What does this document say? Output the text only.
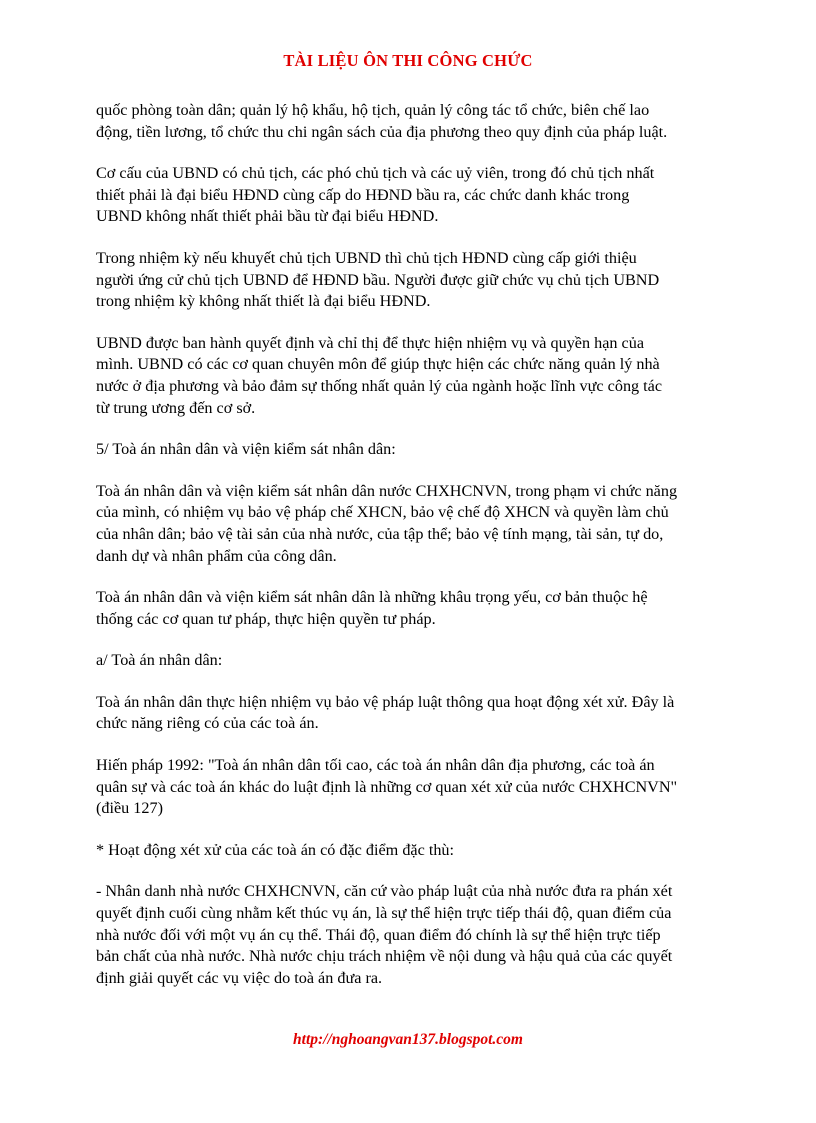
TÀI LIỆU ÔN THI CÔNG CHỨC
quốc phòng toàn dân; quản lý hộ khẩu, hộ tịch, quản lý công tác tổ chức, biên chế lao
động, tiền lương, tổ chức thu chi ngân sách của địa phương theo quy định của pháp luật.
Cơ cấu của UBND có chủ tịch, các phó chủ tịch và các uỷ viên, trong đó chủ tịch nhất
thiết phải là đại biểu HĐND cùng cấp do HĐND bầu ra, các chức danh khác trong
UBND không nhất thiết phải bầu từ đại biểu HĐND.
Trong nhiệm kỳ nếu khuyết chủ tịch UBND thì chủ tịch HĐND cùng cấp giới thiệu
người ứng cử chủ tịch UBND để HĐND bầu. Người được giữ chức vụ chủ tịch UBND
trong nhiệm kỳ không nhất thiết là đại biểu HĐND.
UBND được ban hành quyết định và chỉ thị để thực hiện nhiệm vụ và quyền hạn của
mình. UBND có các cơ quan chuyên môn để giúp thực hiện các chức năng quản lý nhà
nước ở địa phương và bảo đảm sự thống nhất quản lý của ngành hoặc lĩnh vực công tác
từ trung ương đến cơ sở.
5/ Toà án nhân dân và viện kiểm sát nhân dân:
Toà án nhân dân và viện kiểm sát nhân dân nước CHXHCNVN, trong phạm vi chức năng
của mình, có nhiệm vụ bảo vệ pháp chế XHCN, bảo vệ chế độ XHCN và quyền làm chủ
của nhân dân; bảo vệ tài sản của nhà nước, của tập thể; bảo vệ tính mạng, tài sản, tự do,
danh dự và nhân phẩm của công dân.
Toà án nhân dân và viện kiểm sát nhân dân là những khâu trọng yếu, cơ bản thuộc hệ
thống các cơ quan tư pháp, thực hiện quyền tư pháp.
a/ Toà án nhân dân:
Toà án nhân dân thực hiện nhiệm vụ bảo vệ pháp luật thông qua hoạt động xét xử. Đây là
chức năng riêng có của các toà án.
Hiến pháp 1992: "Toà án nhân dân tối cao, các toà án nhân dân địa phương, các toà án
quân sự và các toà án khác do luật định là những cơ quan xét xử của nước CHXHCNVN"
(điều 127)
* Hoạt động xét xử của các toà án có đặc điểm đặc thù:
- Nhân danh nhà nước CHXHCNVN, căn cứ vào pháp luật của nhà nước đưa ra phán xét
quyết định cuối cùng nhằm kết thúc vụ án, là sự thể hiện trực tiếp thái độ, quan điểm của
nhà nước đối với một vụ án cụ thể. Thái độ, quan điểm đó chính là sự thể hiện trực tiếp
bản chất của nhà nước. Nhà nước chịu trách nhiệm về nội dung và hậu quả của các quyết
định giải quyết các vụ việc do toà án đưa ra.
http://nghoangvan137.blogspot.com
